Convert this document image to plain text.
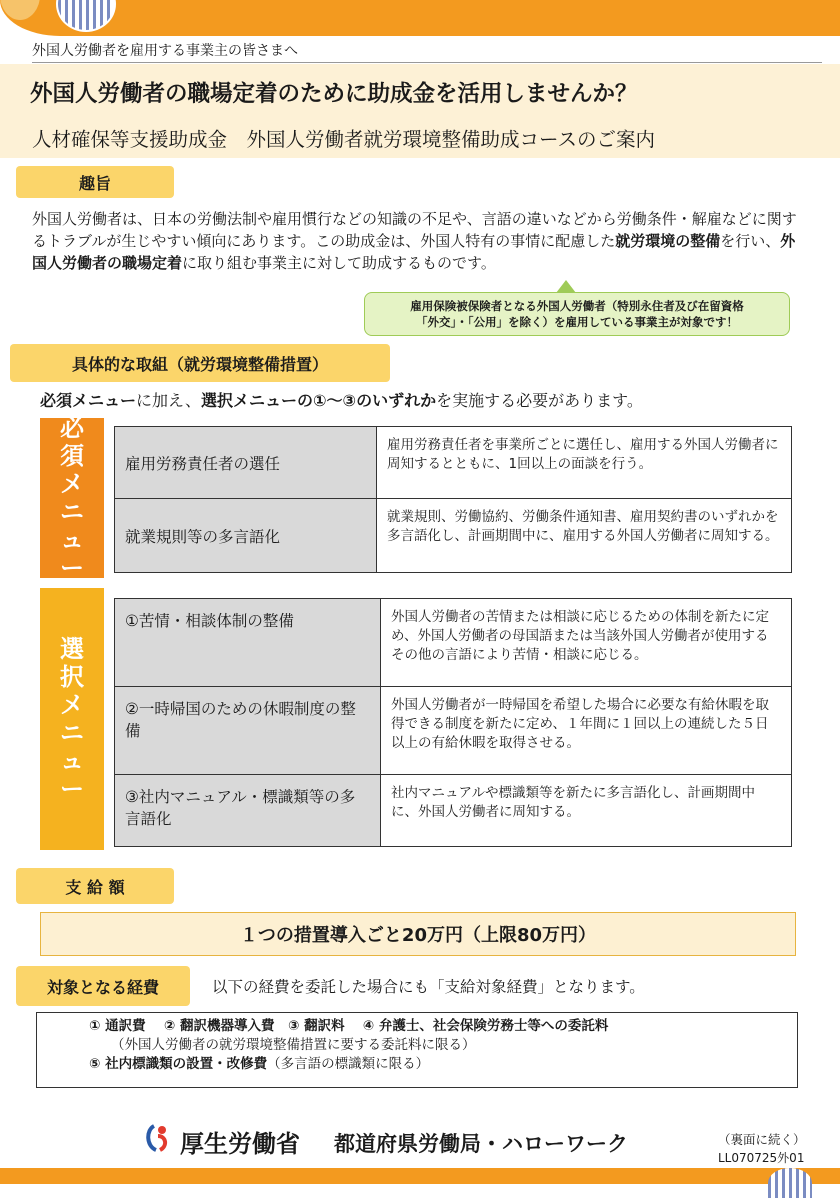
外国人労働者を雇用する事業主の皆さまへ
外国人労働者の職場定着のために助成金を活用しませんか？
人材確保等支援助成金　外国人労働者就労環境整備助成コースのご案内
趣旨

外国人労働者は、日本の労働法制や雇用慣行などの知識の不足や、言語の違いなどから労働条件・解雇などに関するトラブルが生じやすい傾向にあります。この助成金は、外国人特有の事情に配慮した就労環境の整備を行い、外国人労働者の職場定着に取り組む事業主に対して助成するものです。

雇用保険被保険者となる外国人労働者（特別永住者及び在留資格
「外交」・「公用」を除く）を雇用している事業主が対象です！
具体的な取組（就労環境整備措置）
必須メニューに加え、選択メニューの①～③のいずれかを実施する必要があります。
必
須
メ
ニ
ュ
ー
雇用労務責任者の選任	雇用労務責任者を事業所ごとに選任し、雇用する外国人労働者に周知するとともに、1回以上の面談を行う。
就業規則等の多言語化	就業規則、労働協約、労働条件通知書、雇用契約書のいずれかを多言語化し、計画期間中に、雇用する外国人労働者に周知する。
選
択
メ
ニ
ュ
ー
①苦情・相談体制の整備	外国人労働者の苦情または相談に応じるための体制を新たに定め、外国人労働者の母国語または当該外国人労働者が使用するその他の言語により苦情・相談に応じる。
②一時帰国のための休暇制度の整備	外国人労働者が一時帰国を希望した場合に必要な有給休暇を取得できる制度を新たに定め、１年間に１回以上の連続した５日以上の有給休暇を取得させる。
③社内マニュアル・標識類等の多言語化	社内マニュアルや標識類等を新たに多言語化し、計画期間中に、外国人労働者に周知する。
支 給 額
１つの措置導入ごと20万円（上限80万円）
対象となる経費	以下の経費を委託した場合にも「支給対象経費」となります。
① 通訳費　 ② 翻訳機器導入費　③ 翻訳料　 ④ 弁護士、社会保険労務士等への委託料
（外国人労働者の就労環境整備措置に要する委託料に限る）
⑤ 社内標識類の設置・改修費（多言語の標識類に限る）
厚生労働省 都道府県労働局・ハローワーク	（裏面に続く）
LL070725外01
